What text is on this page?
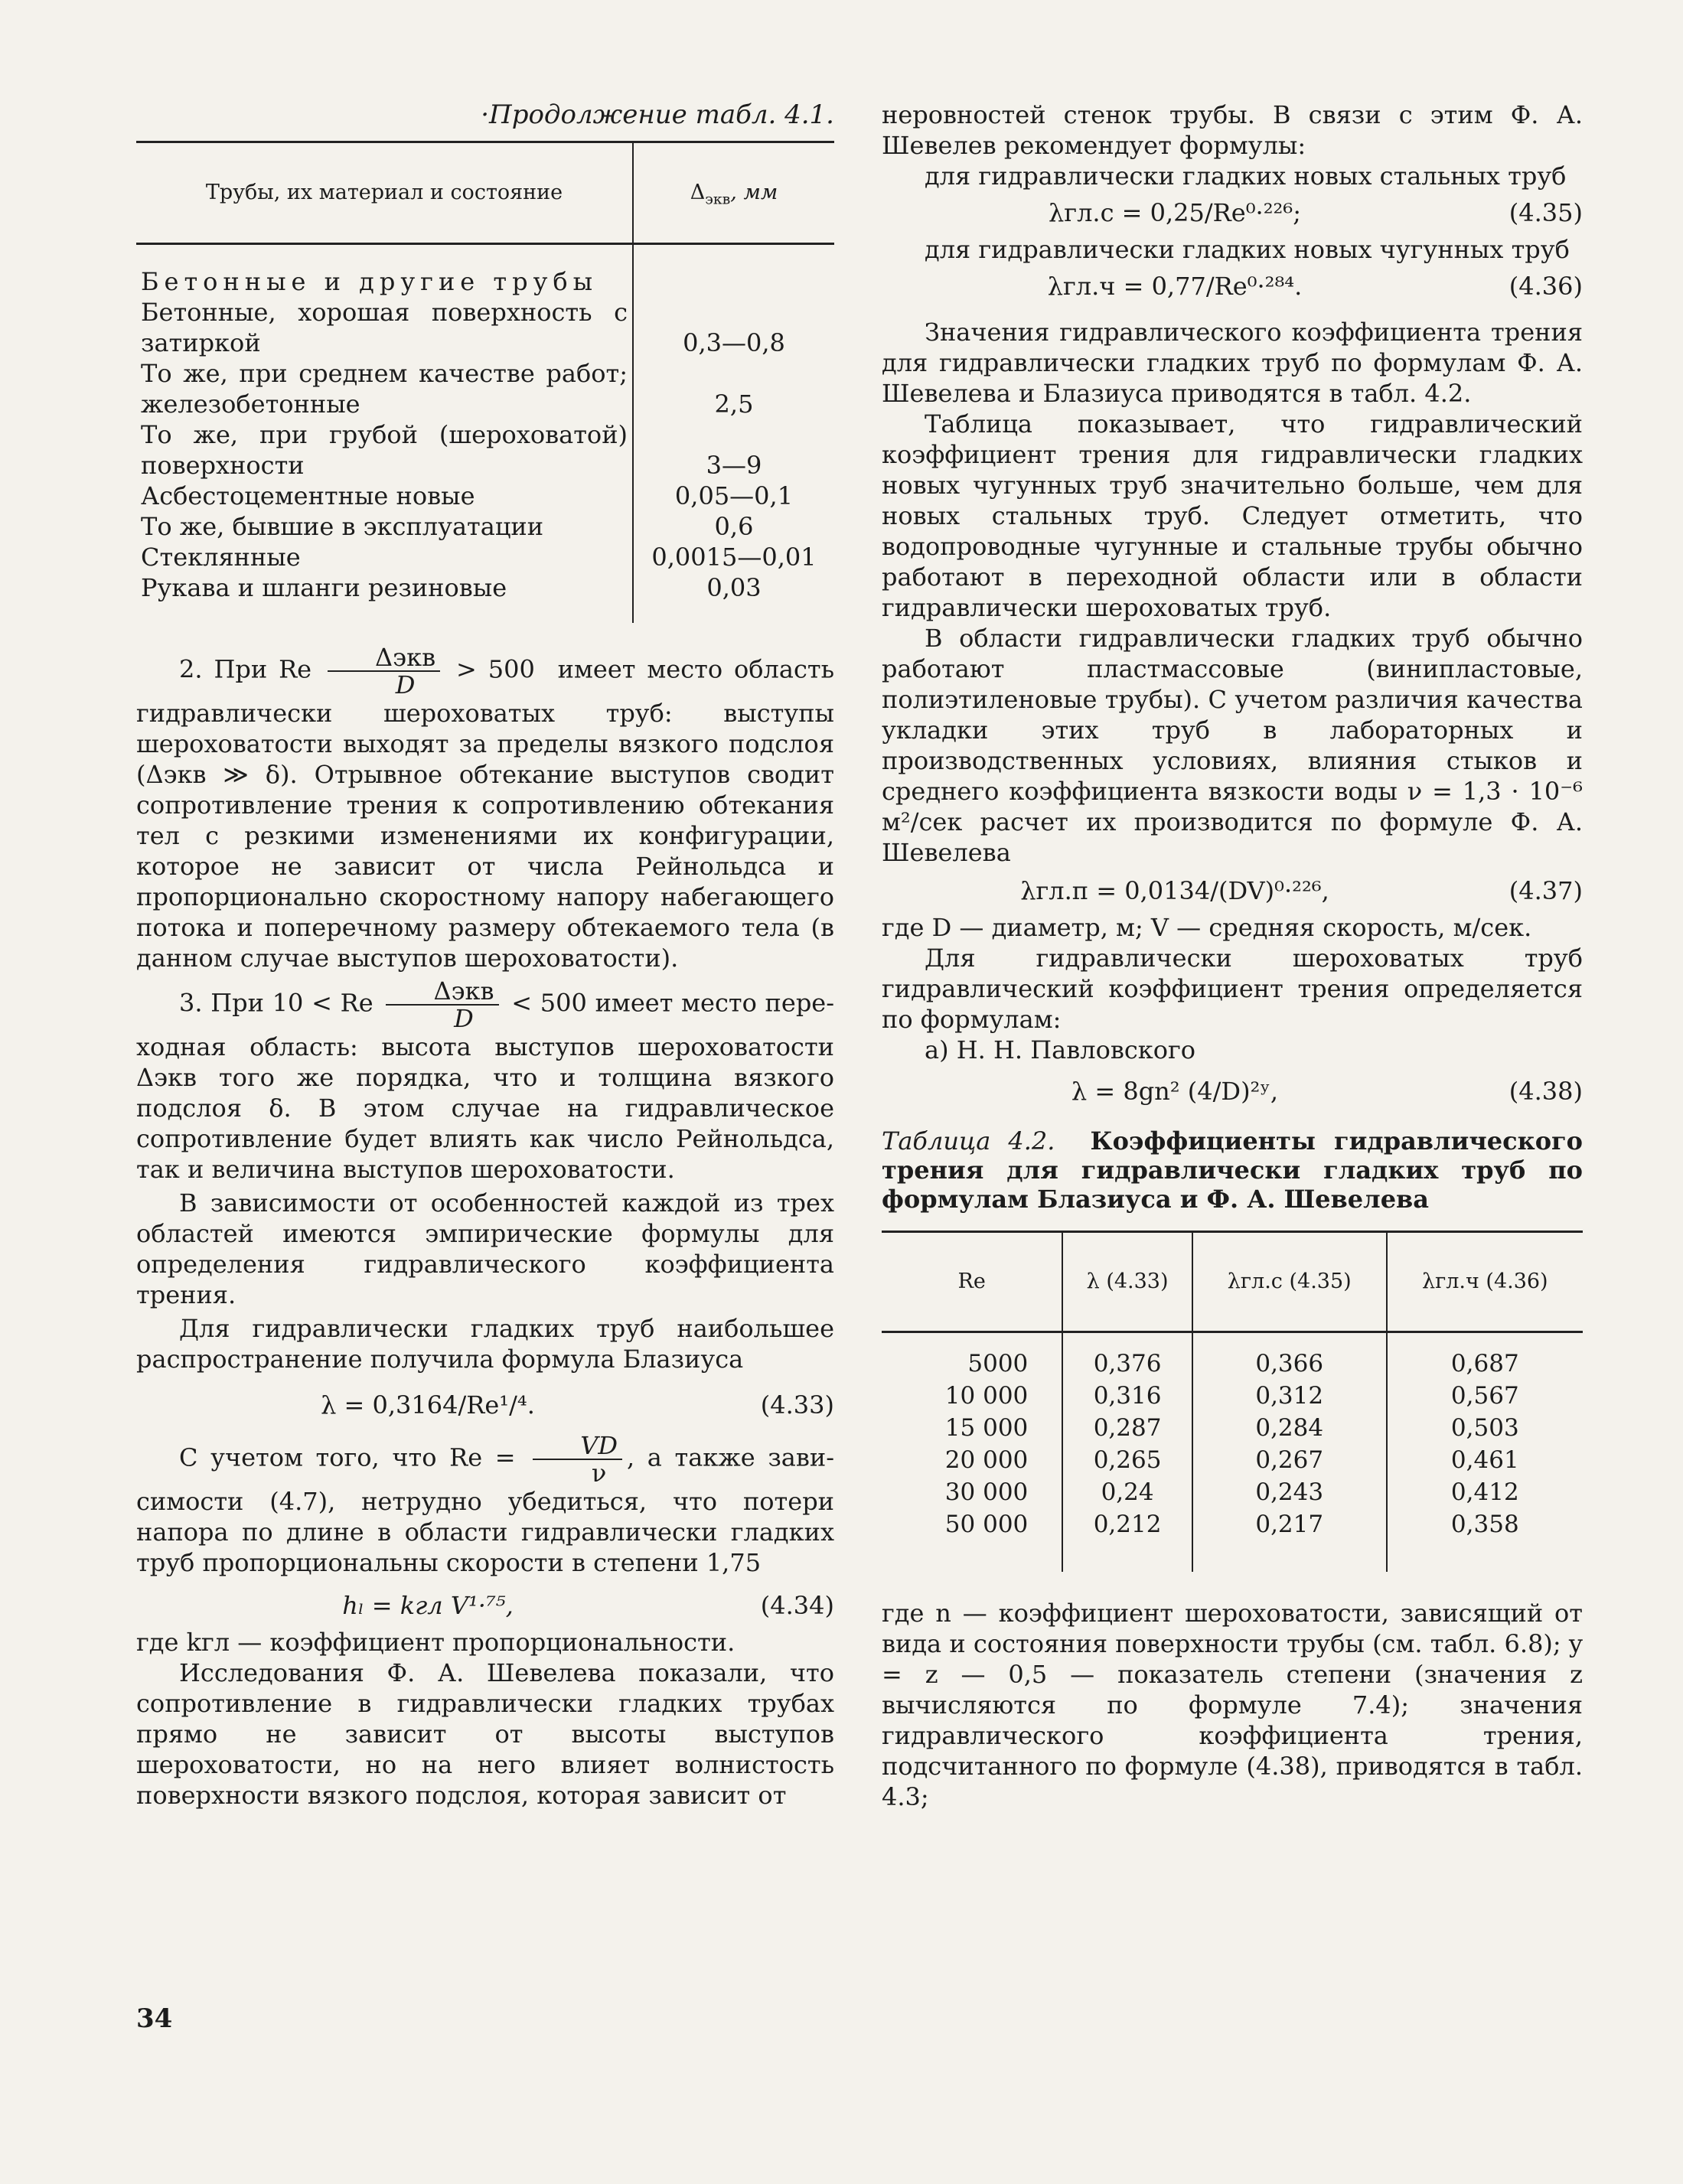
·Продолжение табл. 4.1.
Трубы, их материал и состояние	$\Delta_{экв}$, мм

Бетонные и другие трубы	
Бетонные, хорошая поверхность с затиркой	0,3—0,8
То же, при среднем качестве работ; железобетонные	2,5
То же, при грубой (шероховатой) поверхности	3—9
Асбестоцементные новые	0,05—0,1
То же, бывшие в эксплуатации	0,6
Стеклянные	0,0015—0,01
Рукава и шланги резиновые	0,03

2. При Re $\frac{\text{Δэкв}}{D} > 500$ имеет место область гидравлически шероховатых труб: выступы шероховатости выходят за пределы вязкого подслоя (Δэкв ≫ δ). Отрывное обтекание выступов сводит сопротивление трения к сопротивлению обтекания тел с резкими изменениями их конфигурации, которое не зависит от числа Рейнольдса и пропорционально скоростному напору набегающего потока и поперечному размеру обтекаемого тела (в данном случае выступов шероховатости).

3. При 10 < Re $\frac{\text{Δэкв}}{D} < 500$ имеет место пере- ходная область: высота выступов шероховатости Δэкв того же порядка, что и толщина вязкого подслоя δ. В этом случае на гидравлическое сопротивление будет влиять как число Рейнольдса, так и величина выступов шероховатости.

В зависимости от особенностей каждой из трех областей имеются эмпирические формулы для определения гидравлического коэффициента трения.

Для гидравлически гладких труб наибольшее распространение получила формула Блазиуса

λ = 0,3164/Re¹/⁴.	(4.33)

С учетом того, что $Re = \frac{VD}{\nu}$ , а также зави- симости (4.7), нетрудно убедиться, что потери напора по длине в области гидравлически гладких труб пропорциональны скорости в степени 1,75

hₗ = kгл V¹·⁷⁵,	(4.34)

где kгл — коэффициент пропорциональности.

Исследования Ф. А. Шевелева показали, что сопротивление в гидравлически гладких трубах прямо не зависит от высоты выступов шероховатости, но на него влияет волнистость поверхности вязкого подслоя, которая зависит от

неровностей стенок трубы. В связи с этим Ф. А. Шевелев рекомендует формулы:

для гидравлически гладких новых стальных труб

λгл.с = 0,25/Re⁰·²²⁶;	(4.35)

для гидравлически гладких новых чугунных труб

λгл.ч = 0,77/Re⁰·²⁸⁴.	(4.36)

Значения гидравлического коэффициента трения для гидравлически гладких труб по формулам Ф. А. Шевелева и Блазиуса приводятся в табл. 4.2.

Таблица показывает, что гидравлический коэффициент трения для гидравлически гладких новых чугунных труб значительно больше, чем для новых стальных труб. Следует отметить, что водопроводные чугунные и стальные трубы обычно работают в переходной области или в области гидравлически шероховатых труб.

В области гидравлически гладких труб обычно работают пластмассовые (винипластовые, полиэтиленовые трубы). С учетом различия качества укладки этих труб в лабораторных и производственных условиях, влияния стыков и среднего коэффициента вязкости воды ν = 1,3 · 10⁻⁶ м²/сек расчет их производится по формуле Ф. А. Шевелева

λгл.п = 0,0134/(DV)⁰·²²⁶,	(4.37)

где D — диаметр, м; V — средняя скорость, м/сек.

Для гидравлически шероховатых труб гидравлический коэффициент трения определяется по формулам:

а) Н. Н. Павловского

λ = 8gn² (4/D)²ʸ,	(4.38)

Таблица 4.2. Коэффициенты гидравлического трения для гидравлически гладких труб по формулам Блазиуса и Ф. А. Шевелева

Re	λ (4.33)	λгл.с (4.35)	λгл.ч (4.36)
5000	0,376	0,366	0,687
10 000	0,316	0,312	0,567
15 000	0,287	0,284	0,503
20 000	0,265	0,267	0,461
30 000	0,24	0,243	0,412
50 000	0,212	0,217	0,358

где n — коэффициент шероховатости, зависящий от вида и состояния поверхности трубы (см. табл. 6.8); y = z — 0,5 — показатель степени (значения z вычисляются по формуле 7.4); значения гидравлического коэффициента трения, подсчитанного по формуле (4.38), приводятся в табл. 4.3;

34
